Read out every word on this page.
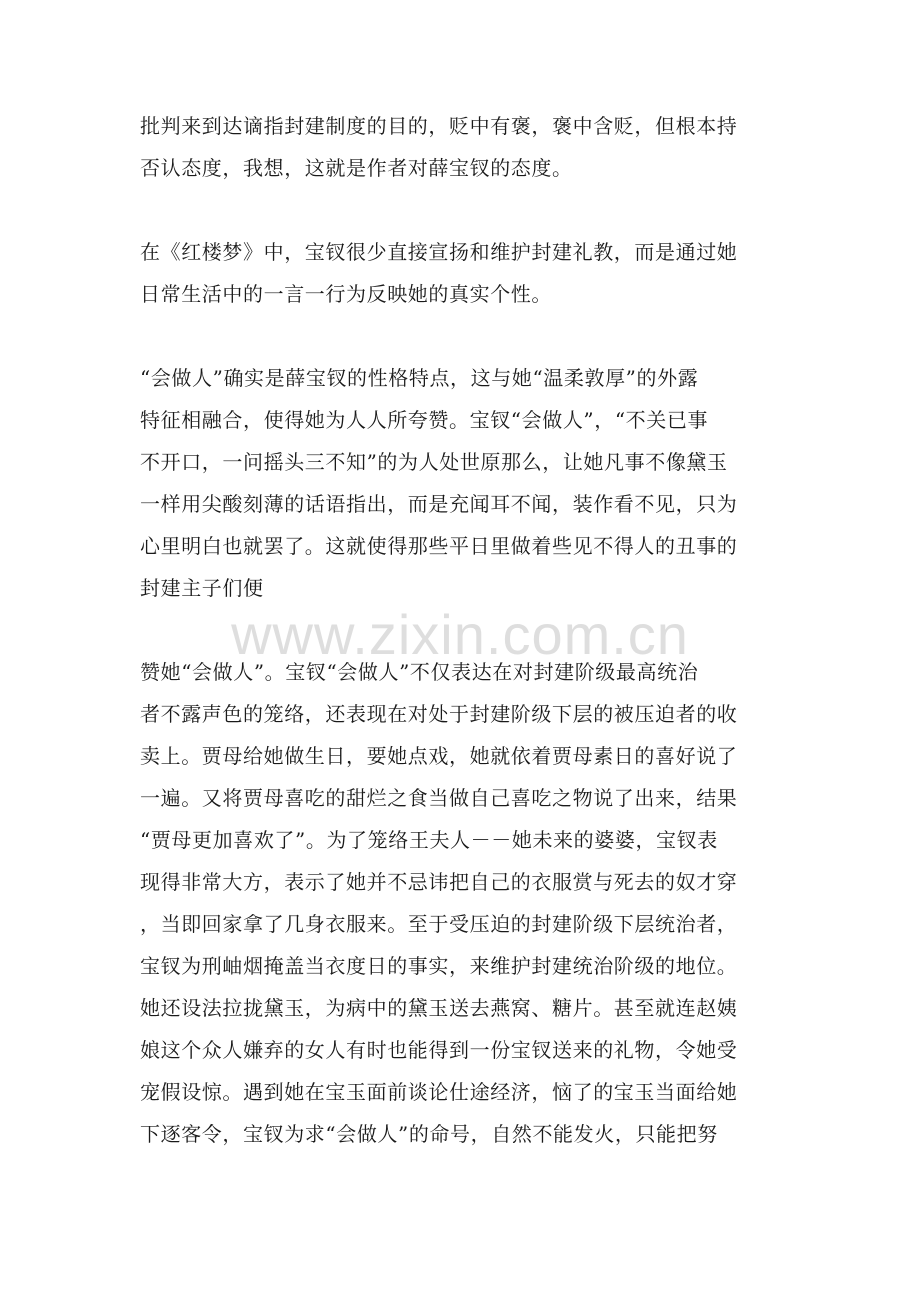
www.zixin.com.cn
批判来到达谪指封建制度的目的，贬中有褒，褒中含贬，但根本持
否认态度，我想，这就是作者对薛宝钗的态度。
在《红楼梦》中，宝钗很少直接宣扬和维护封建礼教，而是通过她
日常生活中的一言一行为反映她的真实个性。
“会做人”确实是薛宝钗的性格特点，这与她“温柔敦厚”的外露
特征相融合，使得她为人人所夸赞。宝钗“会做人”，“不关已事
不开口，一问摇头三不知”的为人处世原那么，让她凡事不像黛玉
一样用尖酸刻薄的话语指出，而是充闻耳不闻，装作看不见，只为
心里明白也就罢了。这就使得那些平日里做着些见不得人的丑事的
封建主子们便
赞她“会做人”。宝钗“会做人”不仅表达在对封建阶级最高统治
者不露声色的笼络，还表现在对处于封建阶级下层的被压迫者的收
卖上。贾母给她做生日，要她点戏，她就依着贾母素日的喜好说了
一遍。又将贾母喜吃的甜烂之食当做自己喜吃之物说了出来，结果
“贾母更加喜欢了”。为了笼络王夫人－－她未来的婆婆，宝钗表
现得非常大方，表示了她并不忌讳把自己的衣服赏与死去的奴才穿
，当即回家拿了几身衣服来。至于受压迫的封建阶级下层统治者，
宝钗为刑岫烟掩盖当衣度日的事实，来维护封建统治阶级的地位。
她还设法拉拢黛玉，为病中的黛玉送去燕窝、糖片。甚至就连赵姨
娘这个众人嫌弃的女人有时也能得到一份宝钗送来的礼物，令她受
宠假设惊。遇到她在宝玉面前谈论仕途经济，恼了的宝玉当面给她
下逐客令，宝钗为求“会做人”的命号，自然不能发火，只能把努
